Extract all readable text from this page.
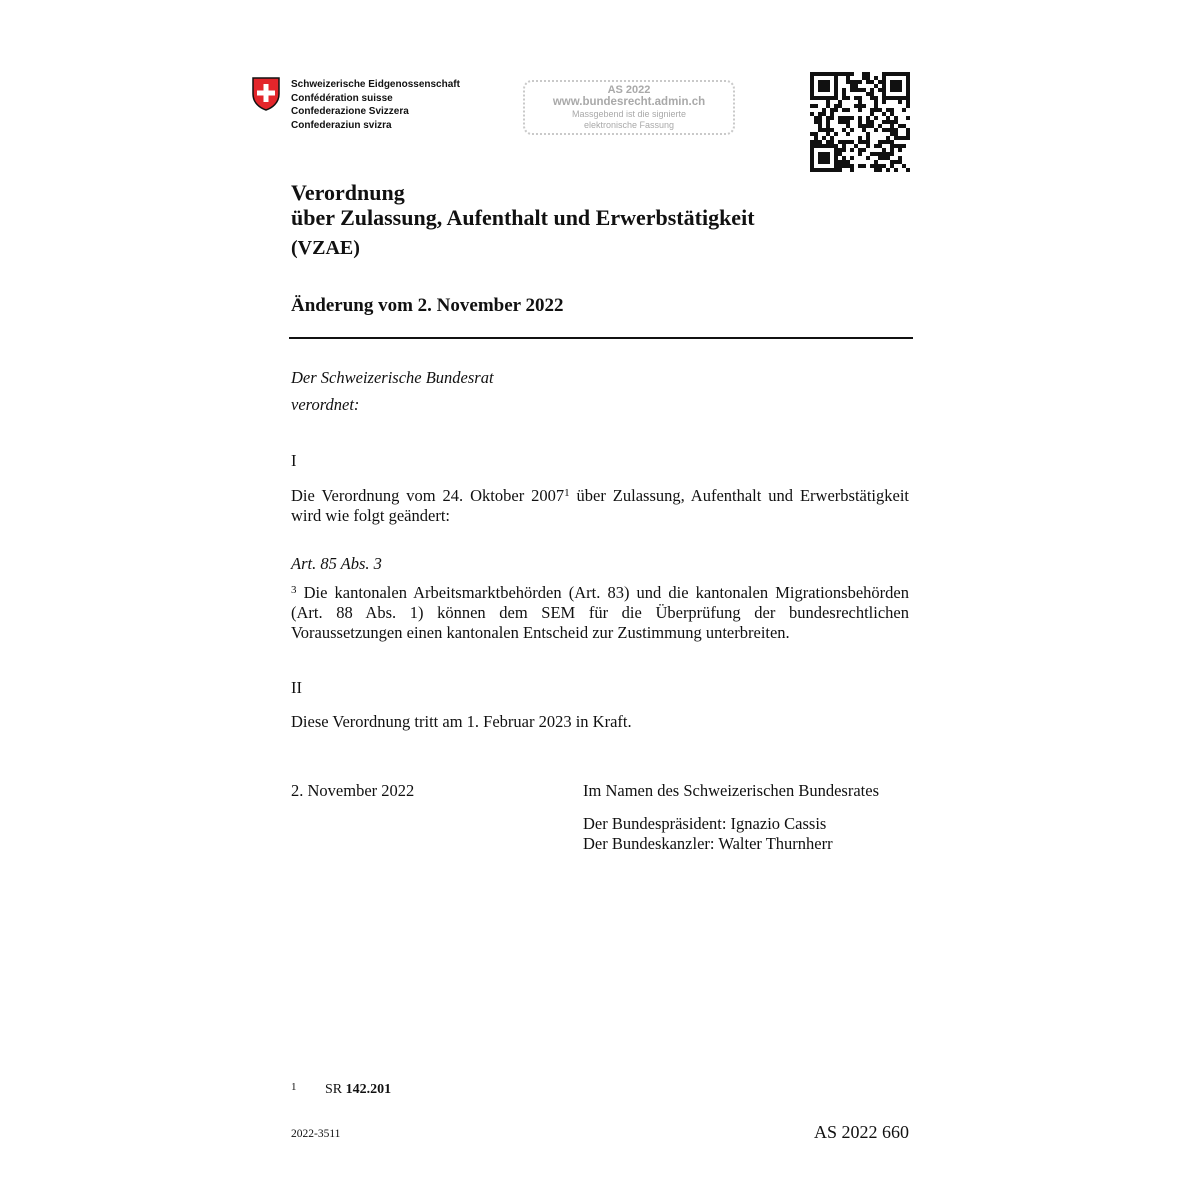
Schweizerische Eidgenossenschaft
Confédération suisse
Confederazione Svizzera
Confederaziun svizra
AS 2022
www.bundesrecht.admin.ch
Massgebend ist die signierte
elektronische Fassung
Verordnung
über Zulassung, Aufenthalt und Erwerbstätigkeit
(VZAE)
Änderung vom 2. November 2022
Der Schweizerische Bundesrat
verordnet:
I
Die Verordnung vom 24. Oktober 2007$^1$ über Zulassung, Aufenthalt und Erwerbstätigkeit wird wie folgt geändert:
Art. 85 Abs. 3
$^3$ Die kantonalen Arbeitsmarktbehörden (Art. 83) und die kantonalen Migrationsbehörden (Art. 88 Abs. 1) können dem SEM für die Überprüfung der bundesrechtlichen Voraussetzungen einen kantonalen Entscheid zur Zustimmung unterbreiten.
II
Diese Verordnung tritt am 1. Februar 2023 in Kraft.
2. November 2022	Im Namen des Schweizerischen Bundesrates
Der Bundespräsident: Ignazio Cassis
Der Bundeskanzler: Walter Thurnherr
1 SR 142.201
2022-3511	AS 2022 660
